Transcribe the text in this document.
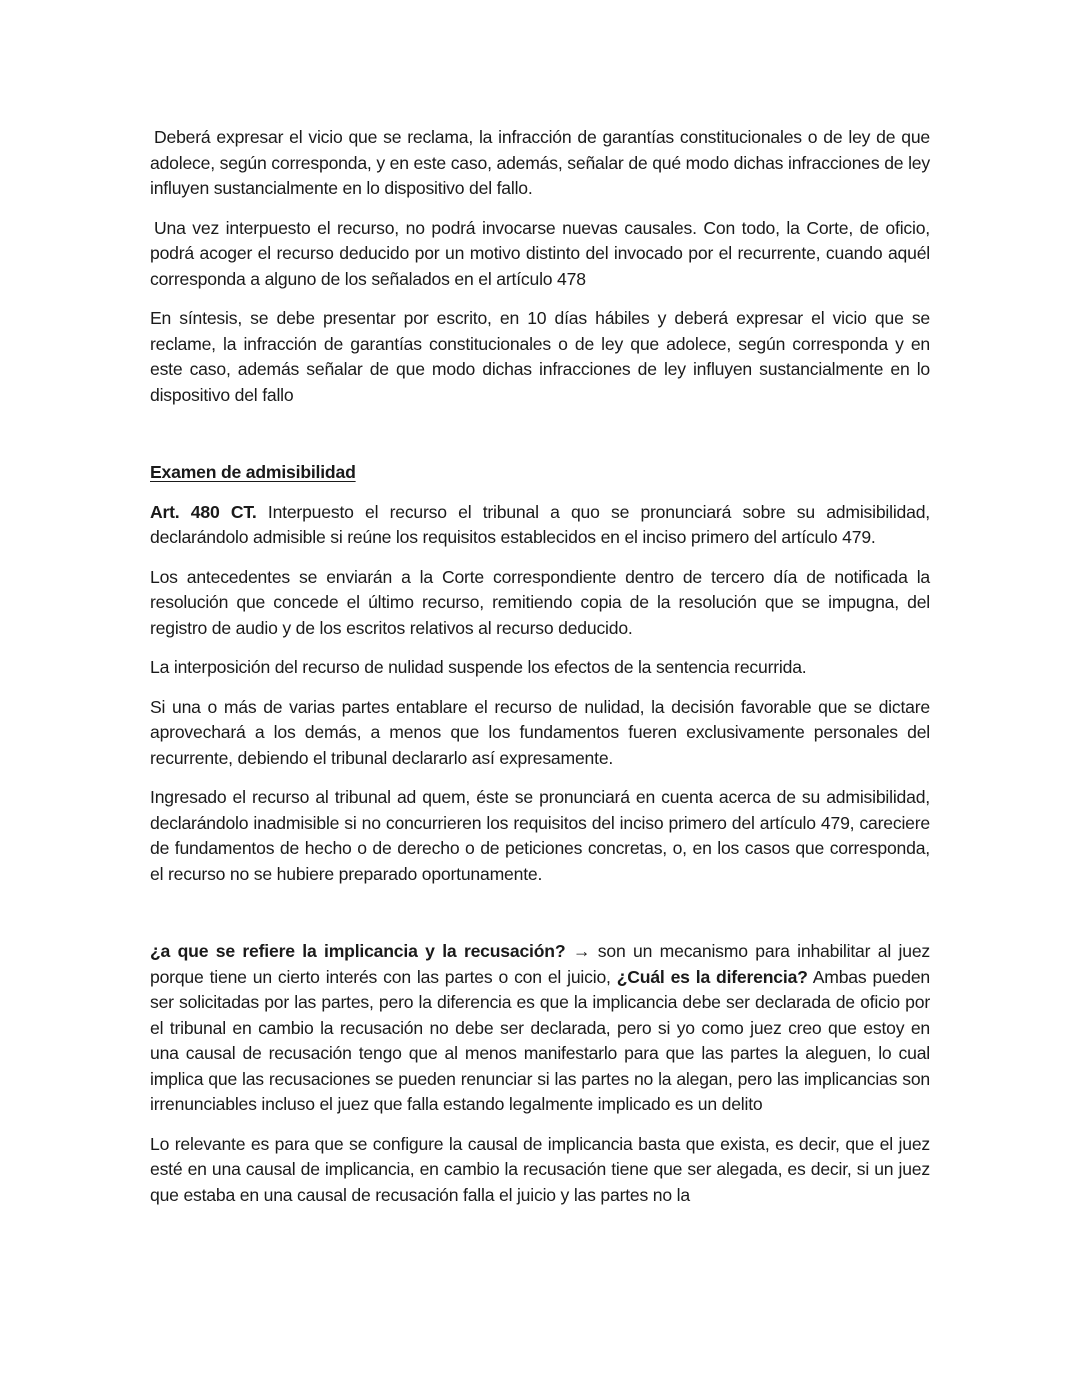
Deberá expresar el vicio que se reclama, la infracción de garantías constitucionales o de ley de que adolece, según corresponda, y en este caso, además, señalar de qué modo dichas infracciones de ley influyen sustancialmente en lo dispositivo del fallo.

Una vez interpuesto el recurso, no podrá invocarse nuevas causales. Con todo, la Corte, de oficio, podrá acoger el recurso deducido por un motivo distinto del invocado por el recurrente, cuando aquél corresponda a alguno de los señalados en el artículo 478

En síntesis, se debe presentar por escrito, en 10 días hábiles y deberá expresar el vicio que se reclame, la infracción de garantías constitucionales o de ley que adolece, según corresponda y en este caso, además señalar de que modo dichas infracciones de ley influyen sustancialmente en lo dispositivo del fallo

Examen de admisibilidad

Art. 480 CT. Interpuesto el recurso el tribunal a quo se pronunciará sobre su admisibilidad, declarándolo admisible si reúne los requisitos establecidos en el inciso primero del artículo 479.

Los antecedentes se enviarán a la Corte correspondiente dentro de tercero día de notificada la resolución que concede el último recurso, remitiendo copia de la resolución que se impugna, del registro de audio y de los escritos relativos al recurso deducido.

La interposición del recurso de nulidad suspende los efectos de la sentencia recurrida.

Si una o más de varias partes entablare el recurso de nulidad, la decisión favorable que se dictare aprovechará a los demás, a menos que los fundamentos fueren exclusivamente personales del recurrente, debiendo el tribunal declararlo así expresamente.

Ingresado el recurso al tribunal ad quem, éste se pronunciará en cuenta acerca de su admisibilidad, declarándolo inadmisible si no concurrieren los requisitos del inciso primero del artículo 479, careciere de fundamentos de hecho o de derecho o de peticiones concretas, o, en los casos que corresponda, el recurso no se hubiere preparado oportunamente.

¿a que se refiere la implicancia y la recusación? → son un mecanismo para inhabilitar al juez porque tiene un cierto interés con las partes o con el juicio, ¿Cuál es la diferencia? Ambas pueden ser solicitadas por las partes, pero la diferencia es que la implicancia debe ser declarada de oficio por el tribunal en cambio la recusación no debe ser declarada, pero si yo como juez creo que estoy en una causal de recusación tengo que al menos manifestarlo para que las partes la aleguen, lo cual implica que las recusaciones se pueden renunciar si las partes no la alegan, pero las implicancias son irrenunciables incluso el juez que falla estando legalmente implicado es un delito

Lo relevante es para que se configure la causal de implicancia basta que exista, es decir, que el juez esté en una causal de implicancia, en cambio la recusación tiene que ser alegada, es decir, si un juez que estaba en una causal de recusación falla el juicio y las partes no la
